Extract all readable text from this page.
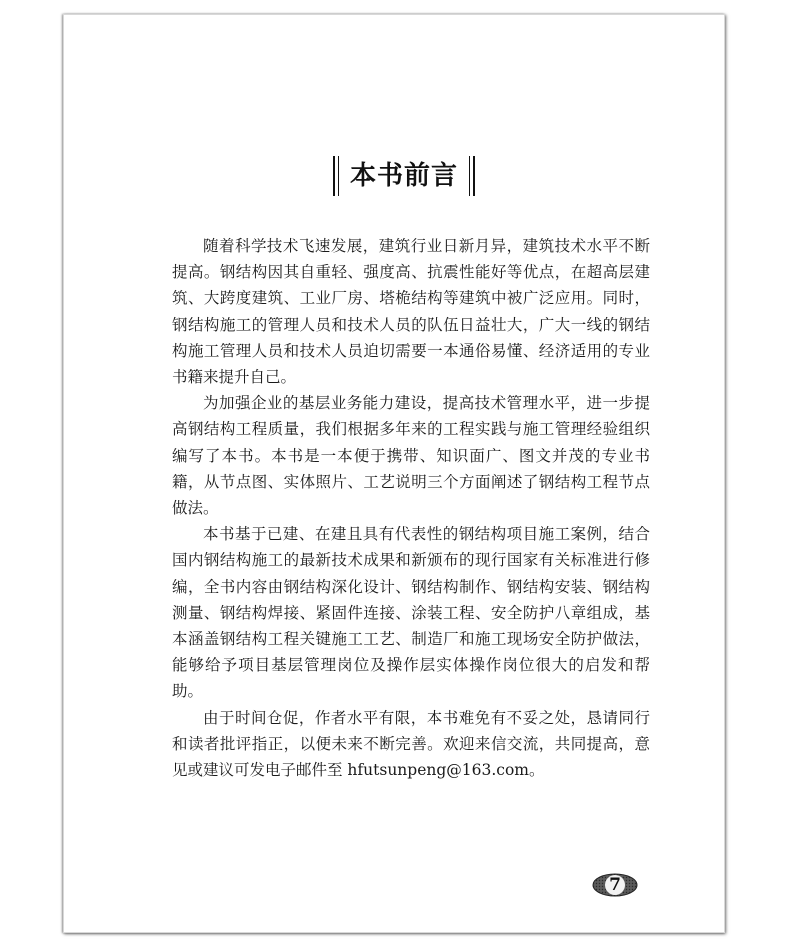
本书前言

随着科学技术飞速发展，建筑行业日新月异，建筑技术水平不断提高。钢结构因其自重轻、强度高、抗震性能好等优点，在超高层建筑、大跨度建筑、工业厂房、塔桅结构等建筑中被广泛应用。同时，钢结构施工的管理人员和技术人员的队伍日益壮大，广大一线的钢结构施工管理人员和技术人员迫切需要一本通俗易懂、经济适用的专业书籍来提升自己。

为加强企业的基层业务能力建设，提高技术管理水平，进一步提高钢结构工程质量，我们根据多年来的工程实践与施工管理经验组织编写了本书。本书是一本便于携带、知识面广、图文并茂的专业书籍，从节点图、实体照片、工艺说明三个方面阐述了钢结构工程节点做法。

本书基于已建、在建且具有代表性的钢结构项目施工案例，结合国内钢结构施工的最新技术成果和新颁布的现行国家有关标准进行修编，全书内容由钢结构深化设计、钢结构制作、钢结构安装、钢结构测量、钢结构焊接、紧固件连接、涂装工程、安全防护八章组成，基本涵盖钢结构工程关键施工工艺、制造厂和施工现场安全防护做法，能够给予项目基层管理岗位及操作层实体操作岗位很大的启发和帮助。

由于时间仓促，作者水平有限，本书难免有不妥之处，恳请同行和读者批评指正，以便未来不断完善。欢迎来信交流，共同提高，意见或建议可发电子邮件至 hfutsunpeng@163.com。

7
